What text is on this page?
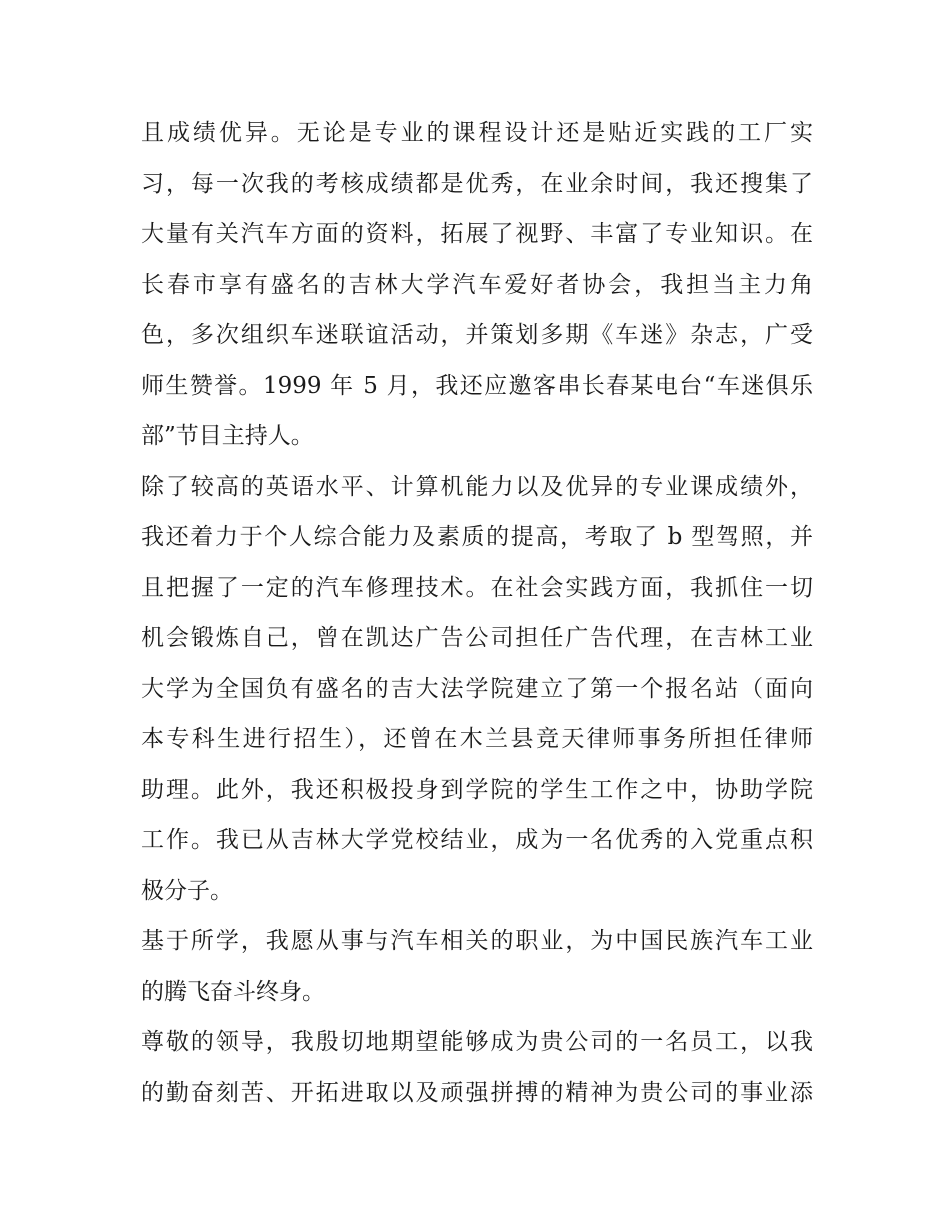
且成绩优异。无论是专业的课程设计还是贴近实践的工厂实
习，每一次我的考核成绩都是优秀，在业余时间，我还搜集了
大量有关汽车方面的资料，拓展了视野、丰富了专业知识。在
长春市享有盛名的吉林大学汽车爱好者协会，我担当主力角
色，多次组织车迷联谊活动，并策划多期《车迷》杂志，广受
师生赞誉。1999 年 5 月，我还应邀客串长春某电台“车迷俱乐
部”节目主持人。

除了较高的英语水平、计算机能力以及优异的专业课成绩外，
我还着力于个人综合能力及素质的提高，考取了 b 型驾照，并
且把握了一定的汽车修理技术。在社会实践方面，我抓住一切
机会锻炼自己，曾在凯达广告公司担任广告代理，在吉林工业
大学为全国负有盛名的吉大法学院建立了第一个报名站（面向
本专科生进行招生），还曾在木兰县竞天律师事务所担任律师
助理。此外，我还积极投身到学院的学生工作之中，协助学院
工作。我已从吉林大学党校结业，成为一名优秀的入党重点积
极分子。

基于所学，我愿从事与汽车相关的职业，为中国民族汽车工业
的腾飞奋斗终身。

尊敬的领导，我殷切地期望能够成为贵公司的一名员工，以我
的勤奋刻苦、开拓进取以及顽强拼搏的精神为贵公司的事业添
